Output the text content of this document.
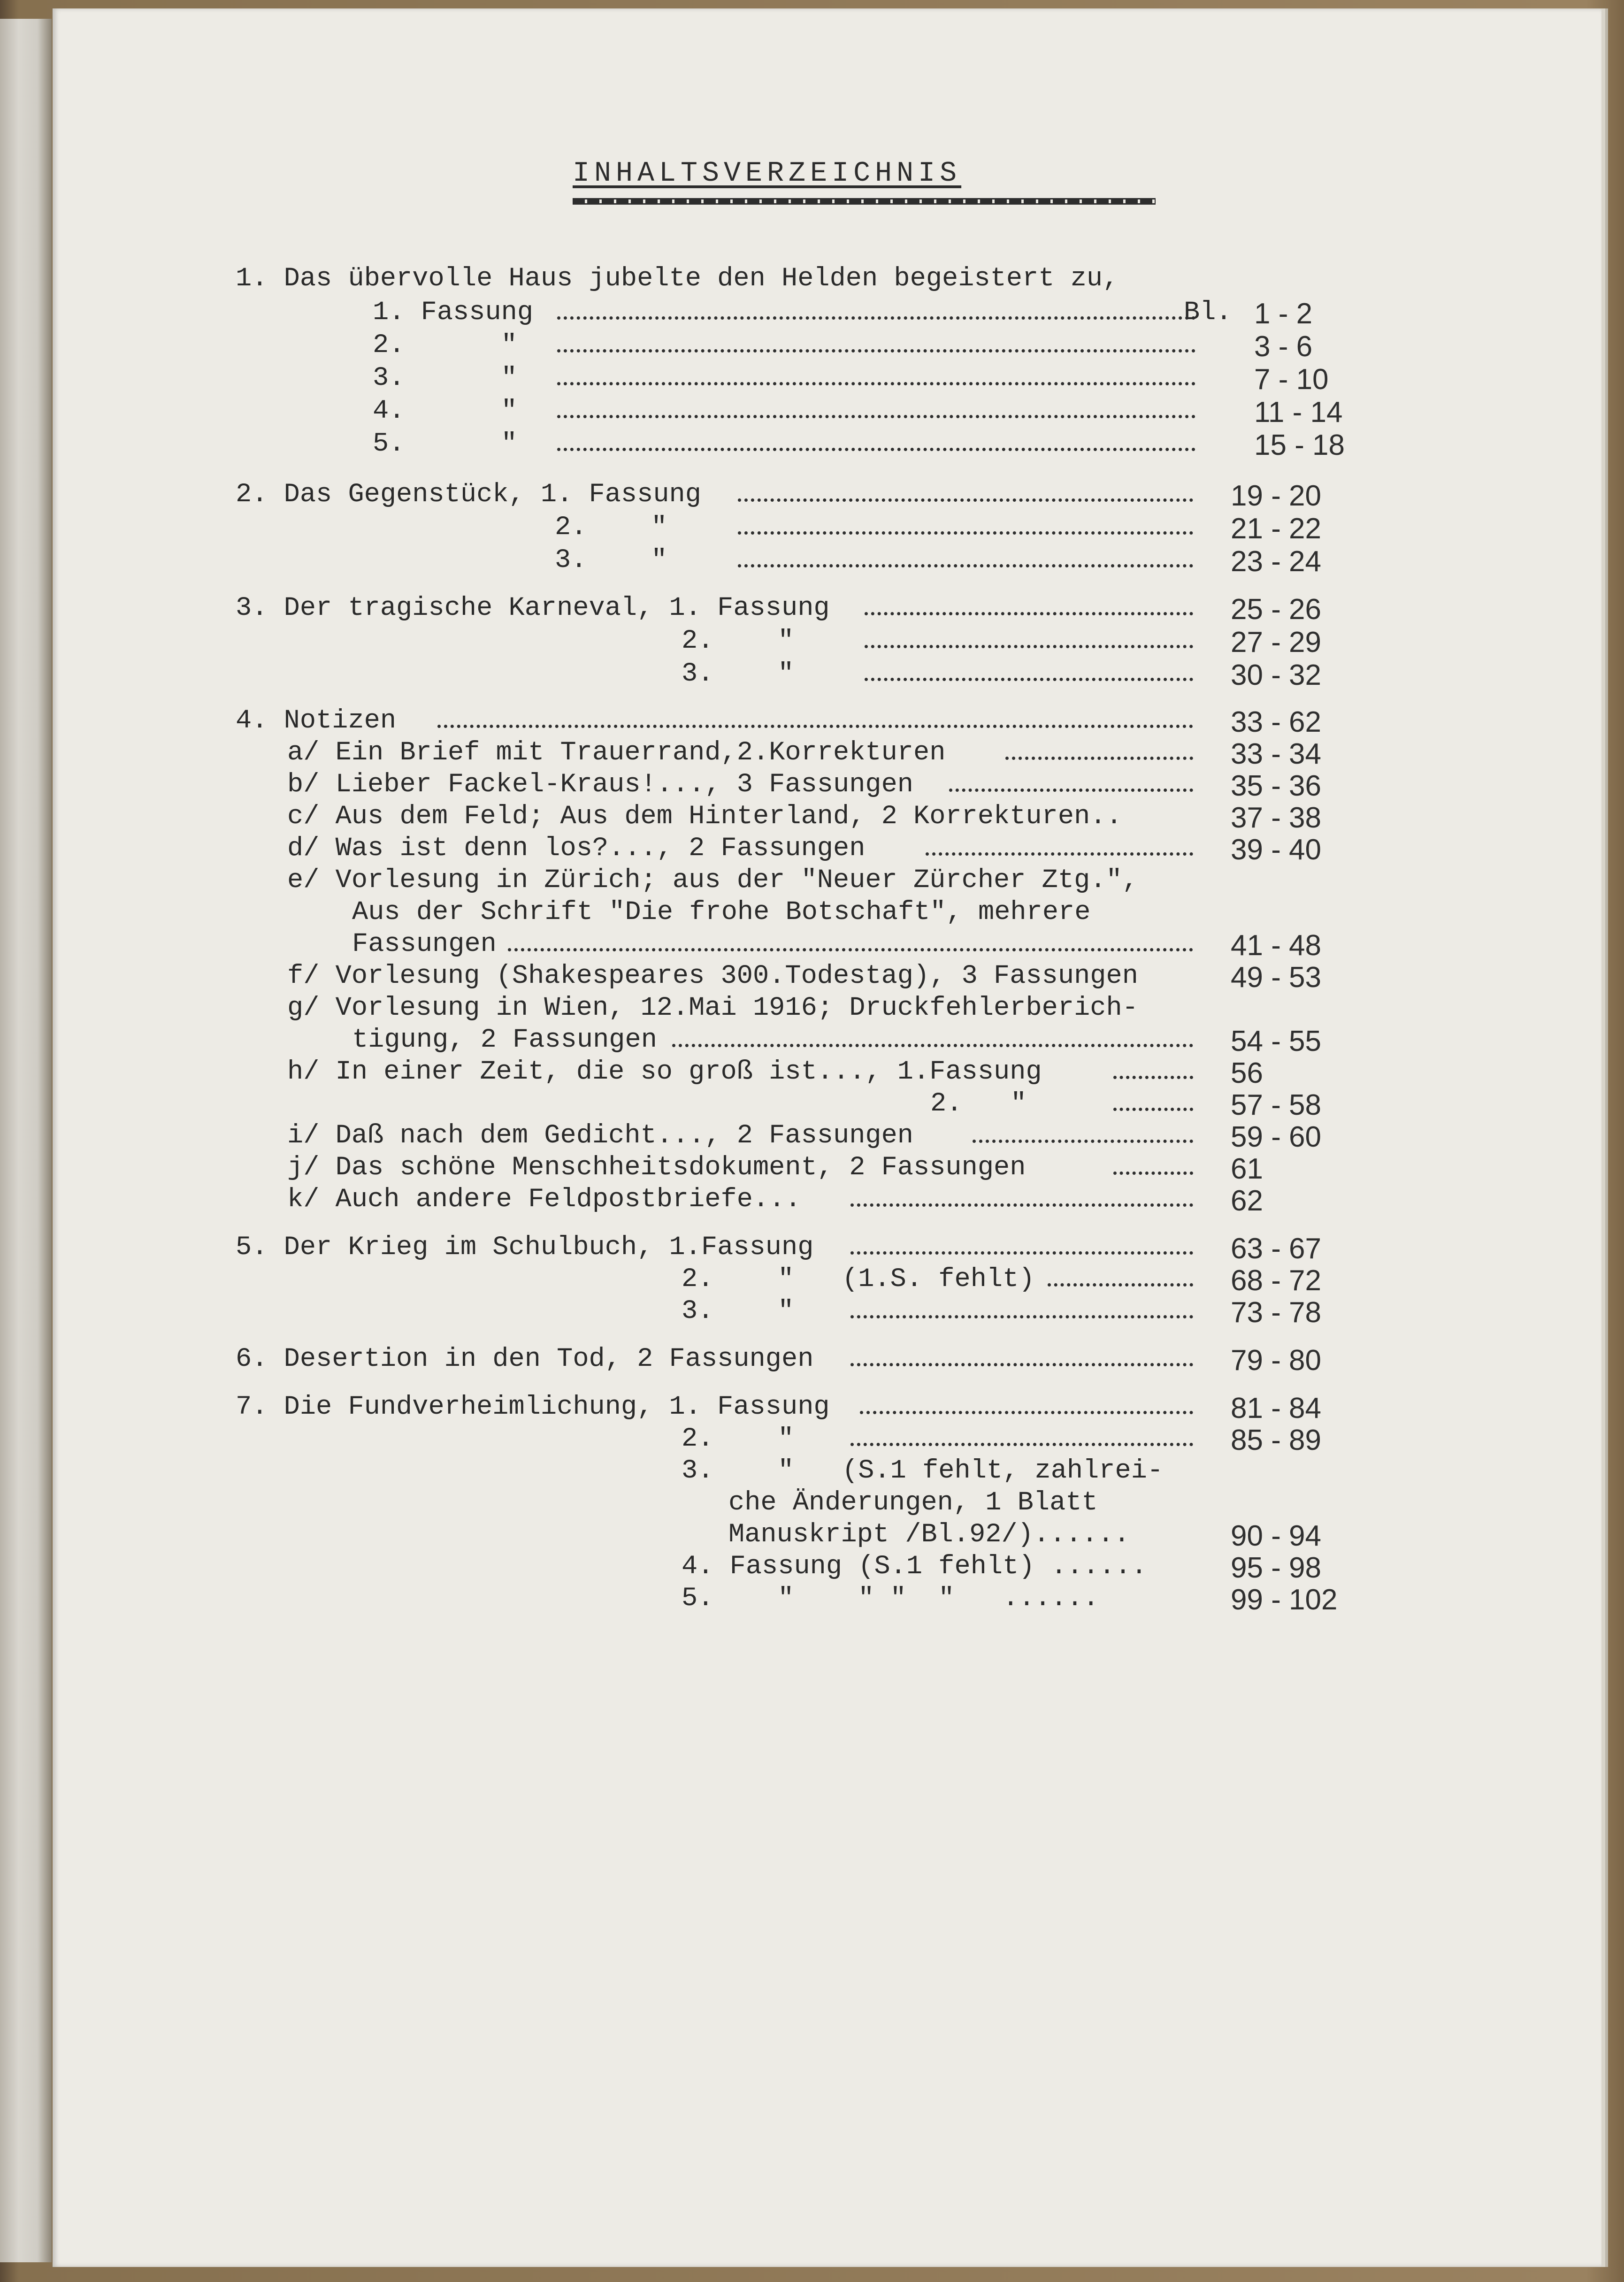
INHALTSVERZEICHNIS
1. Das übervolle Haus jubelte den Helden begeistert zu,
1. Fassung	Bl. 1 - 2
2.      "	3 - 6
3.      "	7 - 10
4.      "	11 - 14
5.      "	15 - 18
2. Das Gegenstück, 1. Fassung	19 - 20
2.    "	21 - 22
3.    "	23 - 24
3. Der tragische Karneval, 1. Fassung	25 - 26
2.    "	27 - 29
3.    "	30 - 32
4. Notizen	33 - 62
a/ Ein Brief mit Trauerrand,2.Korrekturen	33 - 34
b/ Lieber Fackel-Kraus!..., 3 Fassungen	35 - 36
c/ Aus dem Feld; Aus dem Hinterland, 2 Korrekturen..	37 - 38
d/ Was ist denn los?..., 2 Fassungen	39 - 40
e/ Vorlesung in Zürich; aus der "Neuer Zürcher Ztg.",
Aus der Schrift "Die frohe Botschaft", mehrere
Fassungen	41 - 48
f/ Vorlesung (Shakespeares 300.Todestag), 3 Fassungen	49 - 53
g/ Vorlesung in Wien, 12.Mai 1916; Druckfehlerberich-
tigung, 2 Fassungen	54 - 55
h/ In einer Zeit, die so groß ist..., 1.Fassung	56
2.   "	57 - 58
i/ Daß nach dem Gedicht..., 2 Fassungen	59 - 60
j/ Das schöne Menschheitsdokument, 2 Fassungen	61
k/ Auch andere Feldpostbriefe...	62
5. Der Krieg im Schulbuch, 1.Fassung	63 - 67
2.    "   (1.S. fehlt)	68 - 72
3.    "	73 - 78
6. Desertion in den Tod, 2 Fassungen	79 - 80
7. Die Fundverheimlichung, 1. Fassung	81 - 84
2.    "	85 - 89
3.    "   (S.1 fehlt, zahlrei-
che Änderungen, 1 Blatt
Manuskript /Bl.92/)......	90 - 94
4. Fassung (S.1 fehlt) ......	95 - 98
5.    "    " "  "   ......	99 - 102
